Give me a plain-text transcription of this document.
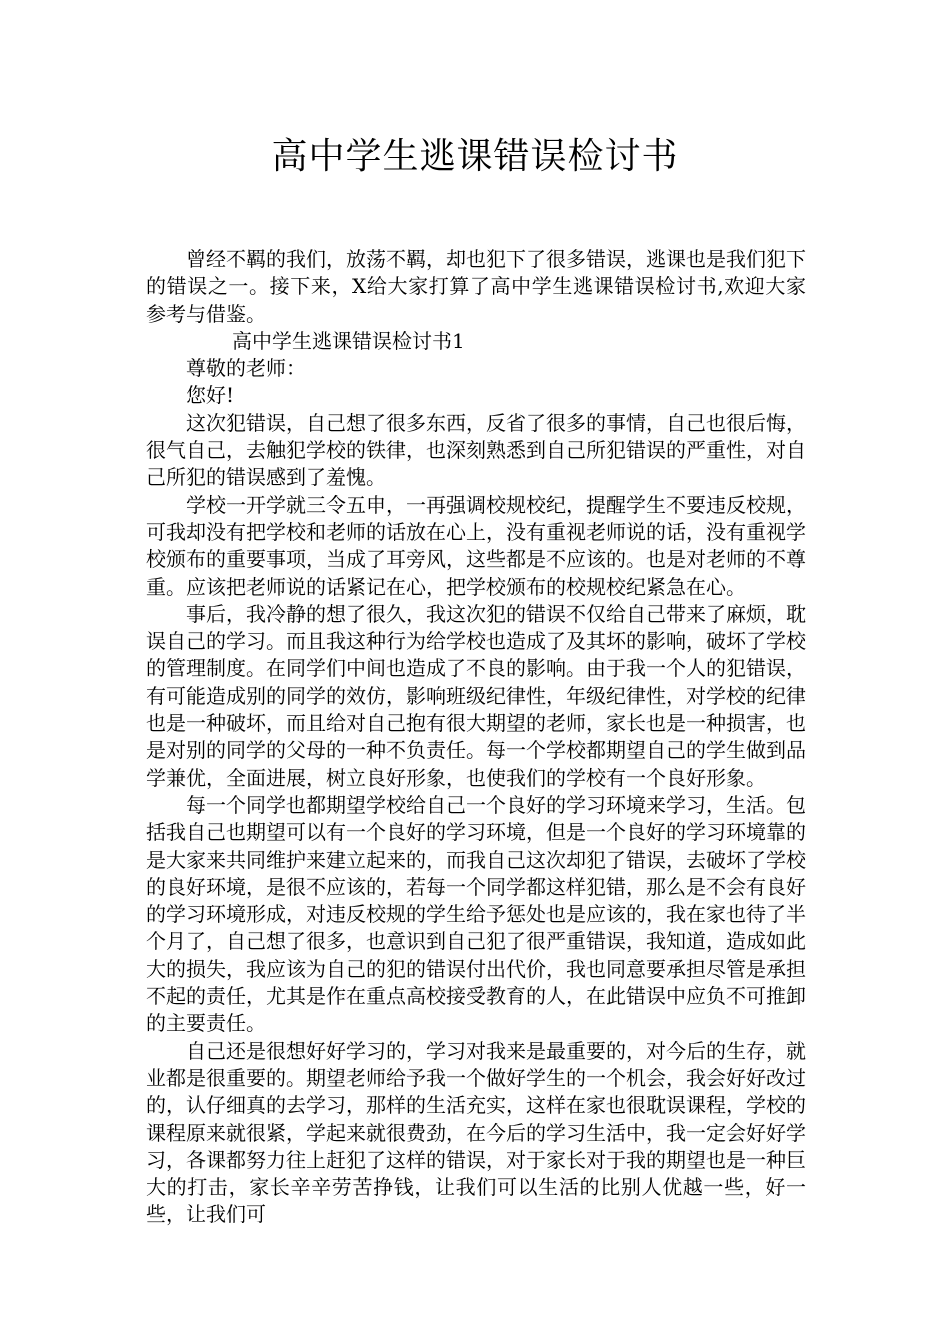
高中学生逃课错误检讨书

曾经不羁的我们，放荡不羁，却也犯下了很多错误，逃课也是我们犯下的错误之一。接下来，X给大家打算了高中学生逃课错误检讨书,欢迎大家参考与借鉴。

高中学生逃课错误检讨书1

尊敬的老师：

您好!

这次犯错误，自己想了很多东西，反省了很多的事情，自己也很后悔，很气自己，去触犯学校的铁律，也深刻熟悉到自己所犯错误的严重性，对自己所犯的错误感到了羞愧。

学校一开学就三令五申，一再强调校规校纪，提醒学生不要违反校规，可我却没有把学校和老师的话放在心上，没有重视老师说的话，没有重视学校颁布的重要事项，当成了耳旁风，这些都是不应该的。也是对老师的不尊重。应该把老师说的话紧记在心，把学校颁布的校规校纪紧急在心。

事后，我冷静的想了很久，我这次犯的错误不仅给自己带来了麻烦，耽误自己的学习。而且我这种行为给学校也造成了及其坏的影响，破坏了学校的管理制度。在同学们中间也造成了不良的影响。由于我一个人的犯错误，有可能造成别的同学的效仿，影响班级纪律性，年级纪律性，对学校的纪律也是一种破坏，而且给对自己抱有很大期望的老师，家长也是一种损害，也是对别的同学的父母的一种不负责任。每一个学校都期望自己的学生做到品学兼优，全面进展，树立良好形象，也使我们的学校有一个良好形象。

每一个同学也都期望学校给自己一个良好的学习环境来学习，生活。包括我自己也期望可以有一个良好的学习环境，但是一个良好的学习环境靠的是大家来共同维护来建立起来的，而我自己这次却犯了错误，去破坏了学校的良好环境，是很不应该的，若每一个同学都这样犯错，那么是不会有良好的学习环境形成，对违反校规的学生给予惩处也是应该的，我在家也待了半个月了，自己想了很多，也意识到自己犯了很严重错误，我知道，造成如此大的损失，我应该为自己的犯的错误付出代价，我也同意要承担尽管是承担不起的责任，尤其是作在重点高校接受教育的人，在此错误中应负不可推卸的主要责任。

自己还是很想好好学习的，学习对我来是最重要的，对今后的生存，就业都是很重要的。期望老师给予我一个做好学生的一个机会，我会好好改过的，认仔细真的去学习，那样的生活充实，这样在家也很耽误课程，学校的课程原来就很紧，学起来就很费劲，在今后的学习生活中，我一定会好好学习，各课都努力往上赶犯了这样的错误，对于家长对于我的期望也是一种巨大的打击，家长辛辛劳苦挣钱，让我们可以生活的比别人优越一些，好一些，让我们可
